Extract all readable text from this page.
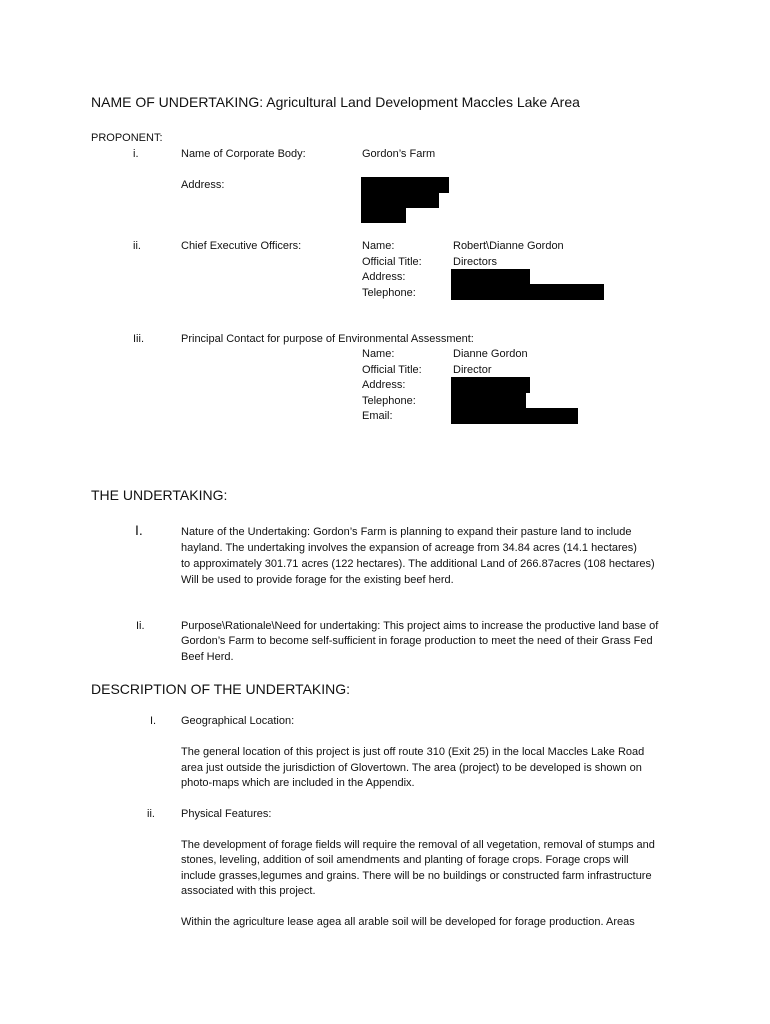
NAME OF UNDERTAKING: Agricultural Land Development Maccles Lake Area
PROPONENT:
i.	Name of Corporate Body:	Gordon’s Farm
Address:
ii.	Chief Executive Officers:	Name:	Robert\Dianne Gordon
Official Title:	Directors
Address:
Telephone:
Iii.	Principal Contact for purpose of Environmental Assessment:
Name:	Dianne Gordon
Official Title:	Director
Address:
Telephone:
Email:
THE UNDERTAKING:
I.	Nature of the Undertaking: Gordon’s Farm is planning to expand their pasture land to include
hayland. The undertaking involves the expansion of acreage from 34.84 acres (14.1 hectares)
to approximately 301.71 acres (122 hectares). The additional Land of 266.87acres (108 hectares)
Will be used to provide forage for the existing beef herd.
Ii.	Purpose\Rationale\Need for undertaking: This project aims to increase the productive land base of
Gordon’s Farm to become self-sufficient in forage production to meet the need of their Grass Fed
Beef Herd.
DESCRIPTION OF THE UNDERTAKING:
I. Geographical Location:
The general location of this project is just off route 310 (Exit 25) in the local Maccles Lake Road
area just outside the jurisdiction of Glovertown. The area (project) to be developed is shown on
photo-maps which are included in the Appendix.
ii. Physical Features:
The development of forage fields will require the removal of all vegetation, removal of stumps and
stones, leveling, addition of soil amendments and planting of forage crops. Forage crops will
include grasses,legumes and grains. There will be no buildings or constructed farm infrastructure
associated with this project.
Within the agriculture lease agea all arable soil will be developed for forage production. Areas
